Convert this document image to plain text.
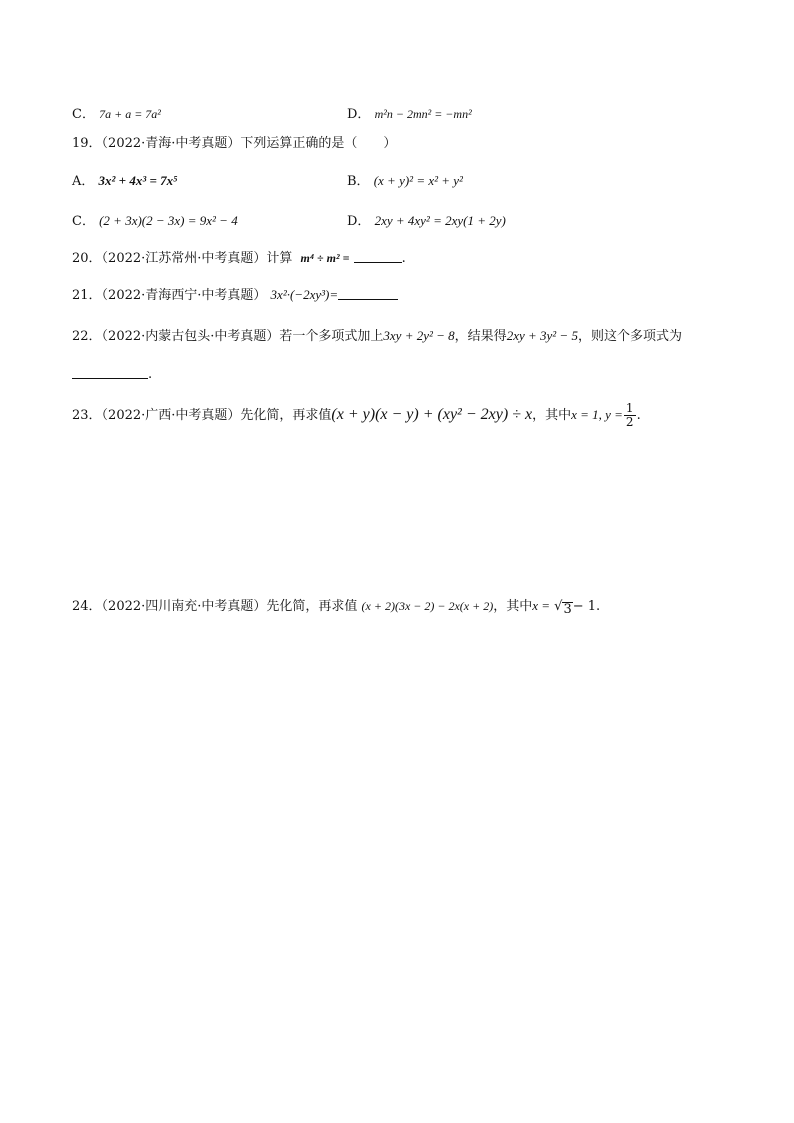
C． 7a + a = 7a²	D． m²n − 2mn² = −mn²
19．（2022·青海·中考真题）下列运算正确的是（　　）
A． 3x² + 4x³ = 7x⁵	B． (x + y)² = x² + y²
C． (2 + 3x)(2 − 3x) = 9x² − 4	D． 2xy + 4xy² = 2xy(1 + 2y)
20．（2022·江苏常州·中考真题）计算 m⁴ ÷ m² =	.
21．（2022·青海西宁·中考真题） 3x²·(−2xy³)=
22．（2022·内蒙古包头·中考真题）若一个多项式加上3xy + 2y² − 8，结果得2xy + 3y² − 5，则这个多项式为
.
23．（2022·广西·中考真题）先化简，再求值(x + y)(x − y) + (xy² − 2xy) ÷ x，其中x = 1, $y = \frac{1}{2}$ .
24．（2022·四川南充·中考真题）先化简，再求值 (x + 2)(3x − 2) − 2x(x + 2)，其中x = √ 3 − 1.
